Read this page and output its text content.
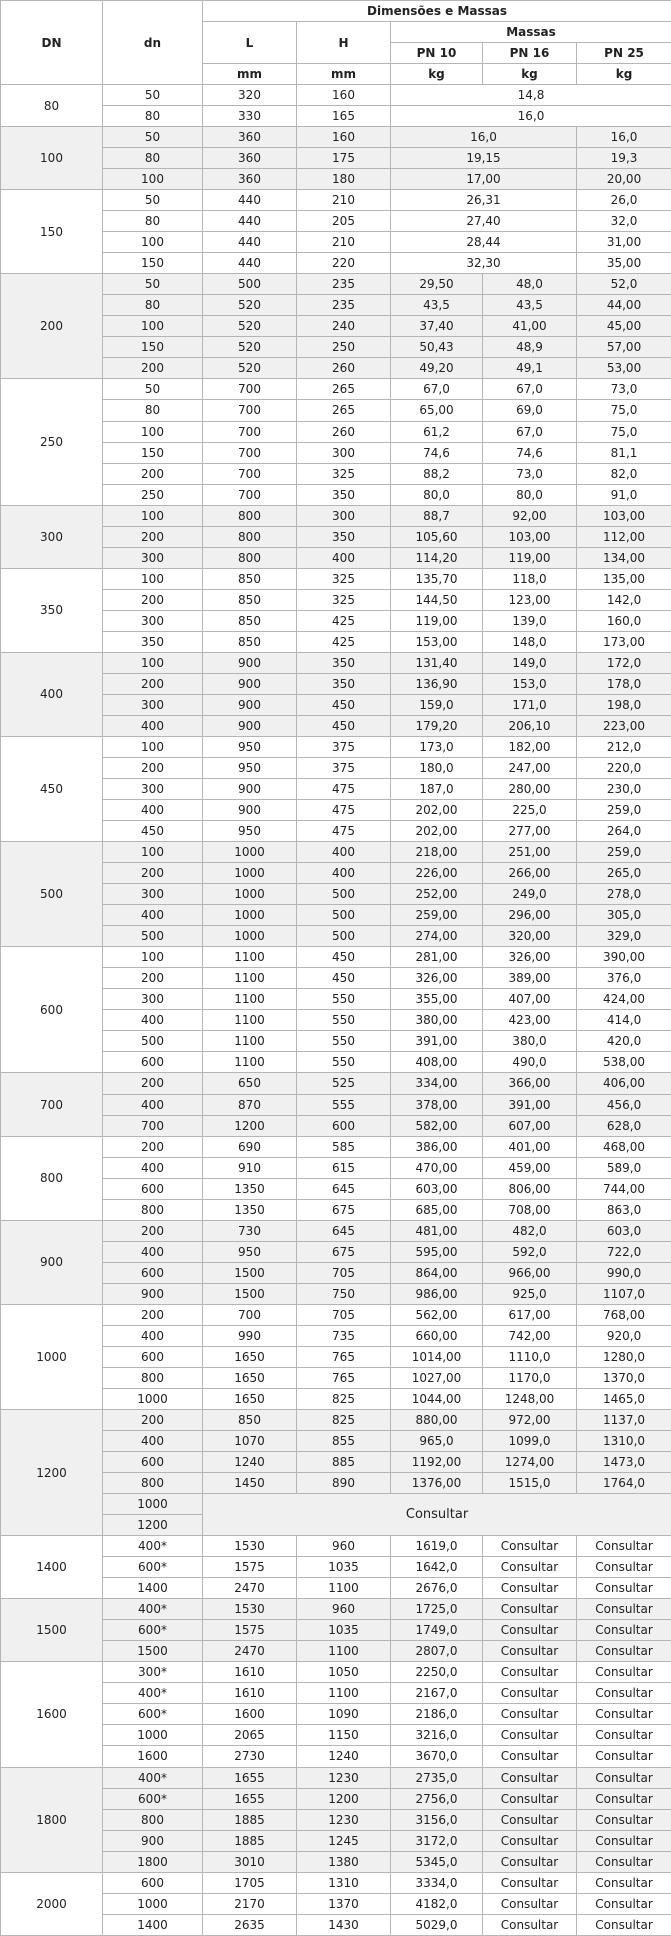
DN	dn	Dimensões e Massas				
		L	H	Massas		
				PN 10	PN 16	PN 25
		mm	mm	kg	kg	kg
80	50	320	160	14,8		
	80	330	165	16,0		
100	50	360	160	16,0		16,0
	80	360	175	19,15		19,3
	100	360	180	17,00		20,00
150	50	440	210	26,31		26,0
	80	440	205	27,40		32,0
	100	440	210	28,44		31,00
	150	440	220	32,30		35,00
200	50	500	235	29,50	48,0	52,0
	80	520	235	43,5	43,5	44,00
	100	520	240	37,40	41,00	45,00
	150	520	250	50,43	48,9	57,00
	200	520	260	49,20	49,1	53,00
250	50	700	265	67,0	67,0	73,0
	80	700	265	65,00	69,0	75,0
	100	700	260	61,2	67,0	75,0
	150	700	300	74,6	74,6	81,1
	200	700	325	88,2	73,0	82,0
	250	700	350	80,0	80,0	91,0
300	100	800	300	88,7	92,00	103,00
	200	800	350	105,60	103,00	112,00
	300	800	400	114,20	119,00	134,00
350	100	850	325	135,70	118,0	135,00
	200	850	325	144,50	123,00	142,0
	300	850	425	119,00	139,0	160,0
	350	850	425	153,00	148,0	173,00
400	100	900	350	131,40	149,0	172,0
	200	900	350	136,90	153,0	178,0
	300	900	450	159,0	171,0	198,0
	400	900	450	179,20	206,10	223,00
450	100	950	375	173,0	182,00	212,0
	200	950	375	180,0	247,00	220,0
	300	900	475	187,0	280,00	230,0
	400	900	475	202,00	225,0	259,0
	450	950	475	202,00	277,00	264,0
500	100	1000	400	218,00	251,00	259,0
	200	1000	400	226,00	266,00	265,0
	300	1000	500	252,00	249,0	278,0
	400	1000	500	259,00	296,00	305,0
	500	1000	500	274,00	320,00	329,0
600	100	1100	450	281,00	326,00	390,00
	200	1100	450	326,00	389,00	376,0
	300	1100	550	355,00	407,00	424,00
	400	1100	550	380,00	423,00	414,0
	500	1100	550	391,00	380,0	420,0
	600	1100	550	408,00	490,0	538,00
700	200	650	525	334,00	366,00	406,00
	400	870	555	378,00	391,00	456,0
	700	1200	600	582,00	607,00	628,0
800	200	690	585	386,00	401,00	468,00
	400	910	615	470,00	459,00	589,0
	600	1350	645	603,00	806,00	744,00
	800	1350	675	685,00	708,00	863,0
900	200	730	645	481,00	482,0	603,0
	400	950	675	595,00	592,0	722,0
	600	1500	705	864,00	966,00	990,0
	900	1500	750	986,00	925,0	1107,0
1000	200	700	705	562,00	617,00	768,00
	400	990	735	660,00	742,00	920,0
	600	1650	765	1014,00	1110,0	1280,0
	800	1650	765	1027,00	1170,0	1370,0
	1000	1650	825	1044,00	1248,00	1465,0
1200	200	850	825	880,00	972,00	1137,0
	400	1070	855	965,0	1099,0	1310,0
	600	1240	885	1192,00	1274,00	1473,0
	800	1450	890	1376,00	1515,0	1764,0
	1000	Consultar				
	1200					
1400	400*	1530	960	1619,0	Consultar	Consultar
	600*	1575	1035	1642,0	Consultar	Consultar
	1400	2470	1100	2676,0	Consultar	Consultar
1500	400*	1530	960	1725,0	Consultar	Consultar
	600*	1575	1035	1749,0	Consultar	Consultar
	1500	2470	1100	2807,0	Consultar	Consultar
1600	300*	1610	1050	2250,0	Consultar	Consultar
	400*	1610	1100	2167,0	Consultar	Consultar
	600*	1600	1090	2186,0	Consultar	Consultar
	1000	2065	1150	3216,0	Consultar	Consultar
	1600	2730	1240	3670,0	Consultar	Consultar
1800	400*	1655	1230	2735,0	Consultar	Consultar
	600*	1655	1200	2756,0	Consultar	Consultar
	800	1885	1230	3156,0	Consultar	Consultar
	900	1885	1245	3172,0	Consultar	Consultar
	1800	3010	1380	5345,0	Consultar	Consultar
2000	600	1705	1310	3334,0	Consultar	Consultar
	1000	2170	1370	4182,0	Consultar	Consultar
	1400	2635	1430	5029,0	Consultar	Consultar
